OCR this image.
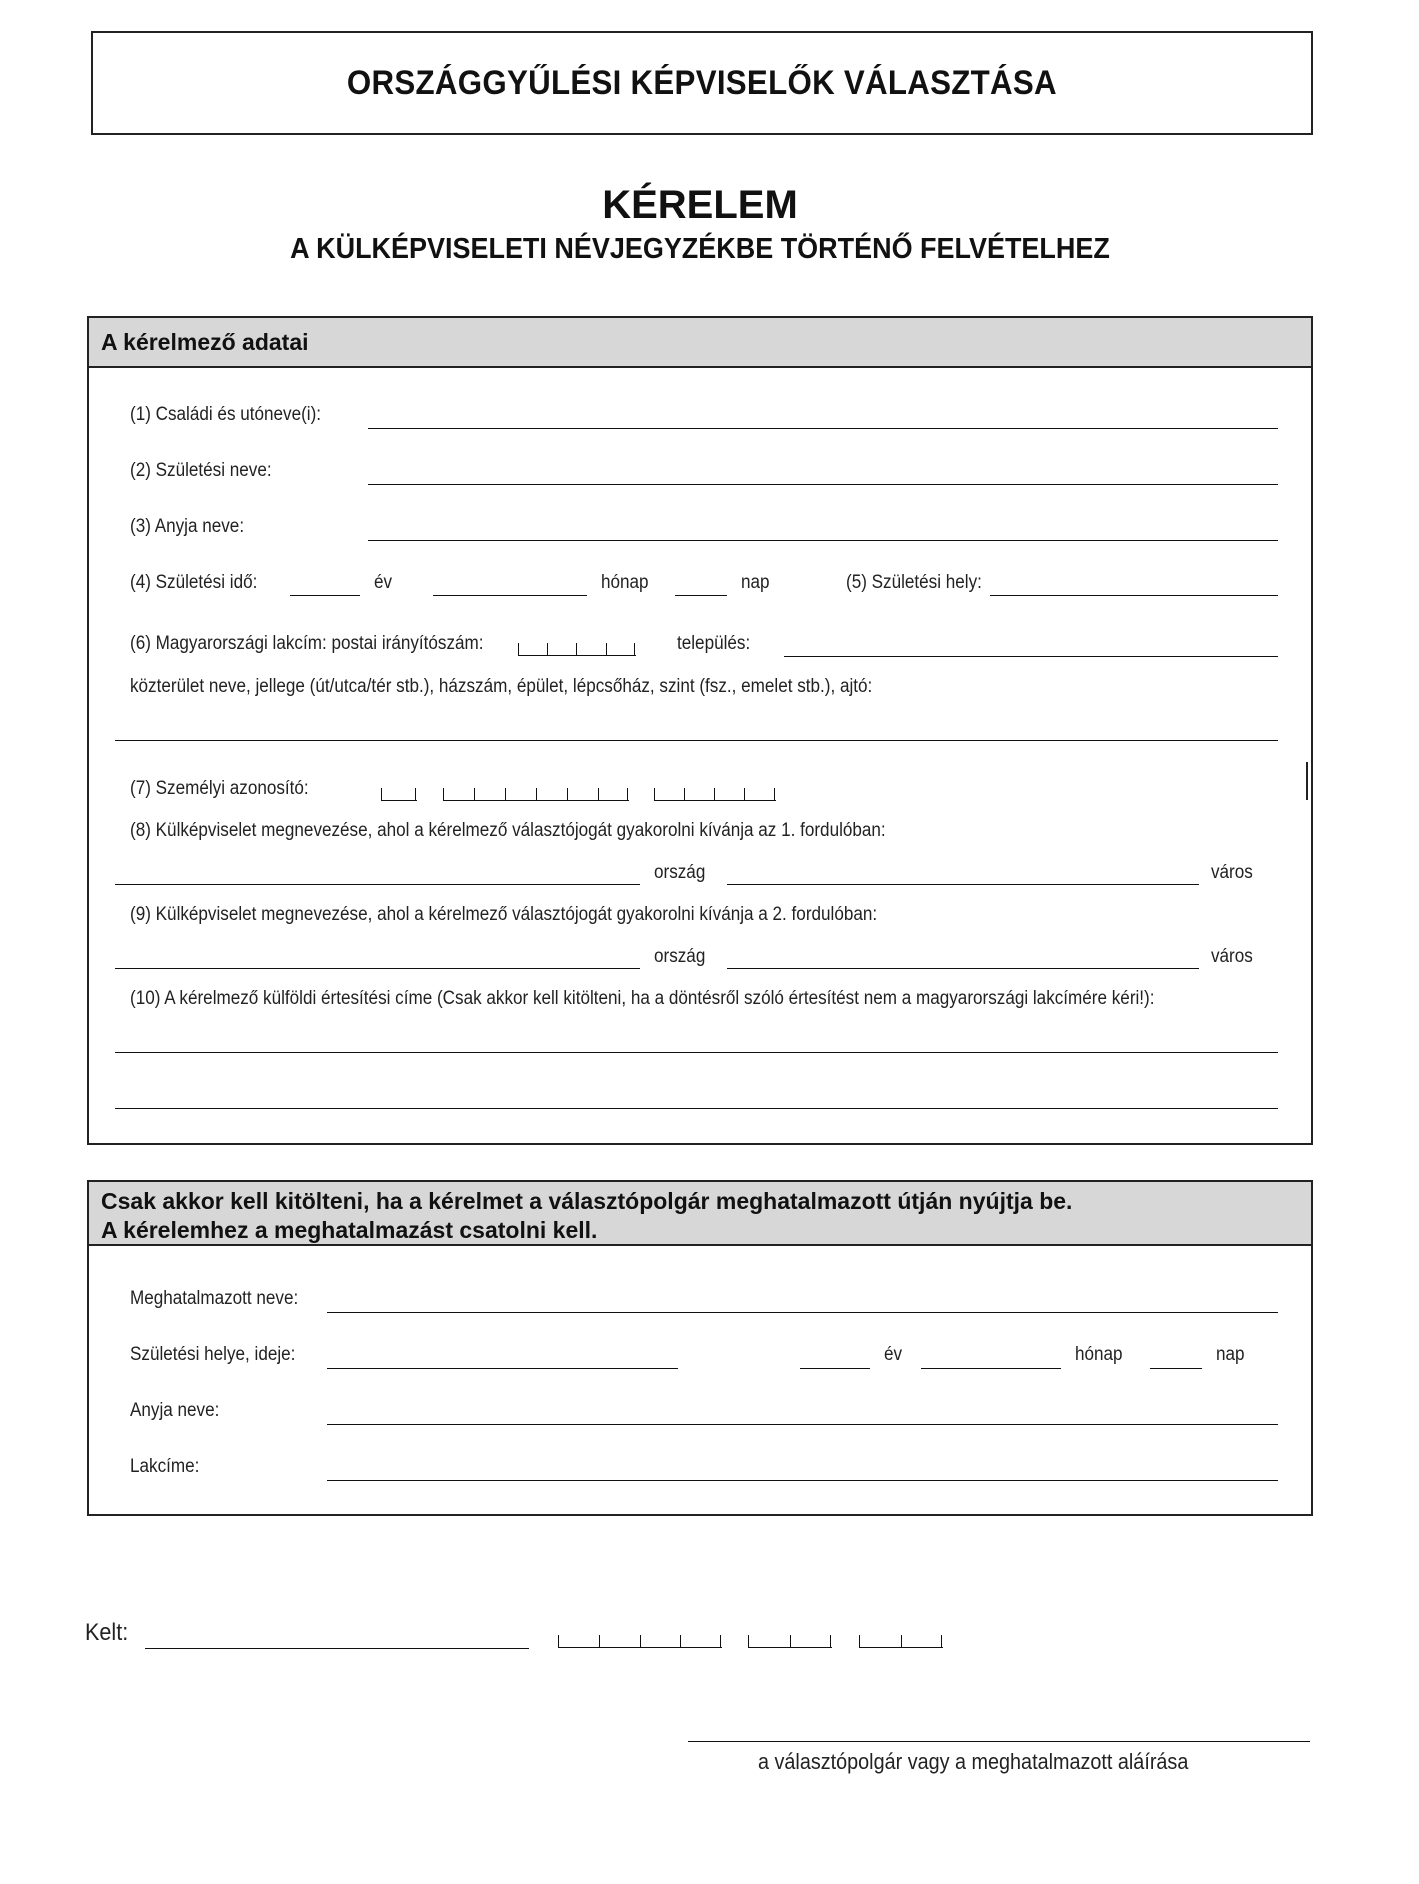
ORSZÁGGYŰLÉSI KÉPVISELŐK VÁLASZTÁSA
KÉRELEM
A KÜLKÉPVISELETI NÉVJEGYZÉKBE TÖRTÉNŐ FELVÉTELHEZ
A kérelmező adatai
(1) Családi és utóneve(i):
(2) Születési neve:
(3) Anyja neve:
(4) Születési idő:	év	hónap	nap	(5) Születési hely:
(6) Magyarországi lakcím: postai irányítószám:	település:
közterület neve, jellege (út/utca/tér stb.), házszám, épület, lépcsőház, szint (fsz., emelet stb.), ajtó:
(7) Személyi azonosító:
(8) Külképviselet megnevezése, ahol a kérelmező választójogát gyakorolni kívánja az 1. fordulóban:
ország	város
(9) Külképviselet megnevezése, ahol a kérelmező választójogát gyakorolni kívánja a 2. fordulóban:
ország	város
(10) A kérelmező külföldi értesítési címe (Csak akkor kell kitölteni, ha a döntésről szóló értesítést nem a magyarországi lakcímére kéri!):
Csak akkor kell kitölteni, ha a kérelmet a választópolgár meghatalmazott útján nyújtja be.
A kérelemhez a meghatalmazást csatolni kell.
Meghatalmazott neve:
Születési helye, ideje:	év	hónap	nap
Anyja neve:
Lakcíme:
Kelt:
a választópolgár vagy a meghatalmazott aláírása
